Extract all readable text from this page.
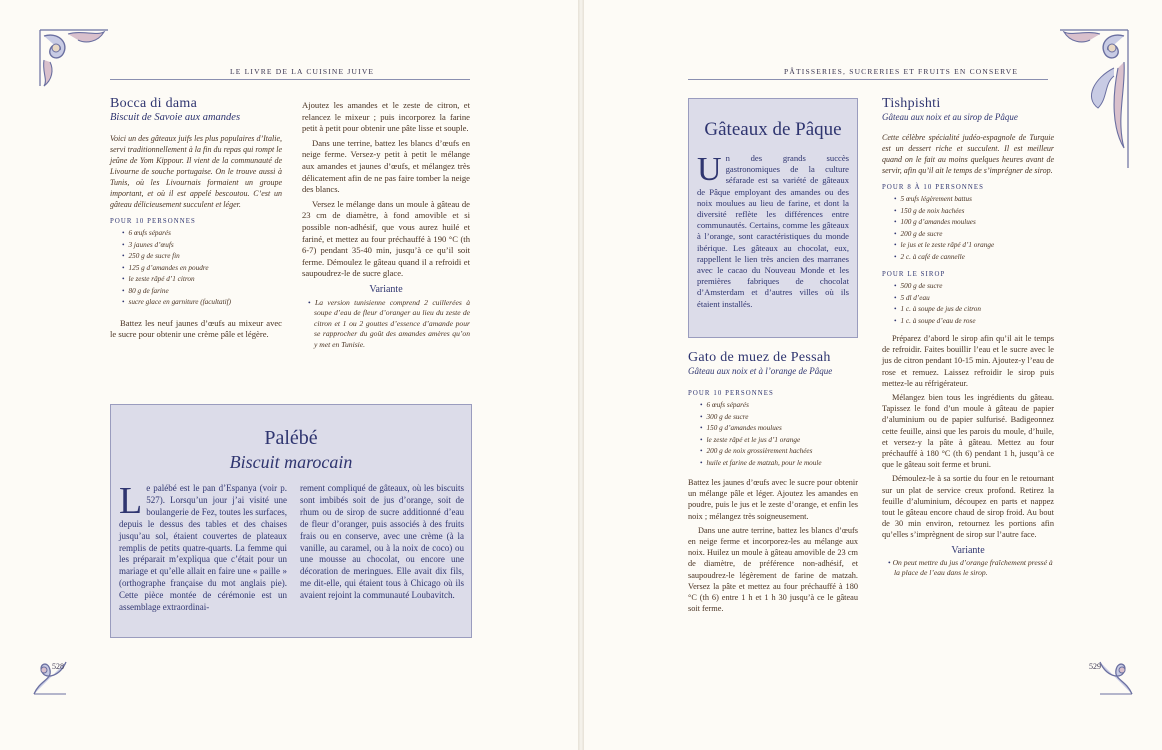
LE LIVRE DE LA CUISINE JUIVE
Bocca di dama
Biscuit de Savoie aux amandes
Voici un des gâteaux juifs les plus populaires d’Italie, servi traditionnellement à la fin du repas qui rompt le jeûne de Yom Kippour. Il vient de la communauté de Livourne de souche portugaise. On le trouve aussi à Tunis, où les Livournais formaient un groupe important, et où il est appelé bescoutou. C’est un gâteau délicieusement succulent et léger.
POUR 10 PERSONNES
• 6 œufs séparés
• 3 jaunes d’œufs
• 250 g de sucre fin
• 125 g d’amandes en poudre
• le zeste râpé d’1 citron
• 80 g de farine
• sucre glace en garniture (facultatif)

Battez les neuf jaunes d’œufs au mixeur avec le sucre pour obtenir une crème pâle et légère.

Ajoutez les amandes et le zeste de citron, et relancez le mixeur ; puis incorporez la farine petit à petit pour obtenir une pâte lisse et souple.

Dans une terrine, battez les blancs d’œufs en neige ferme. Versez-y petit à petit le mélange aux amandes et jaunes d’œufs, et mélangez très délicatement afin de ne pas faire tomber la neige des blancs.

Versez le mélange dans un moule à gâteau de 23 cm de diamètre, à fond amovible et si possible non-adhésif, que vous aurez huilé et fariné, et mettez au four préchauffé à 190 °C (th 6-7) pendant 35-40 min, jusqu’à ce qu’il soit ferme. Démoulez le gâteau quand il a refroidi et saupoudrez-le de sucre glace.

Variante
• La version tunisienne comprend 2 cuillerées à soupe d’eau de fleur d’oranger au lieu du zeste de citron et 1 ou 2 gouttes d’essence d’amande pour se rapprocher du goût des amandes amères qu’on y met en Tunisie.
Palébé
Biscuit marocain
Le palébé est le pan d’Espanya (voir p. 527). Lorsqu’un jour j’ai visité une boulangerie de Fez, toutes les surfaces, depuis le dessus des tables et des chaises jusqu’au sol, étaient couvertes de plateaux remplis de petits quatre-quarts. La femme qui les préparait m’expliqua que c’était pour un mariage et qu’elle allait en faire une « paille » (orthographe française du mot anglais pie). Cette pièce montée de cérémonie est un assemblage extraordinai-
rement compliqué de gâteaux, où les biscuits sont imbibés soit de jus d’orange, soit de rhum ou de sirop de sucre additionné d’eau de fleur d’oranger, puis associés à des fruits frais ou en conserve, avec une crème (à la vanille, au caramel, ou à la noix de coco) ou une mousse au chocolat, ou encore une décoration de meringues. Elle avait dix fils, me dit-elle, qui étaient tous à Chicago où ils avaient rejoint la communauté Loubavitch.
528
PÂTISSERIES, SUCRERIES ET FRUITS EN CONSERVE
Gâteaux de Pâque
Un des grands succès gastronomiques de la culture séfarade est sa variété de gâteaux de Pâque employant des amandes ou des noix moulues au lieu de farine, et dont la diversité reflète les différences entre communautés. Certains, comme les gâteaux à l’orange, sont caractéristiques du monde ibérique. Les gâteaux au chocolat, eux, rappellent le lien très ancien des marranes avec le cacao du Nouveau Monde et les premières fabriques de chocolat d’Amsterdam et d’autres villes où ils étaient installés.
Gato de muez de Pessah
Gâteau aux noix et à l’orange de Pâque
POUR 10 PERSONNES
• 6 œufs séparés
• 300 g de sucre
• 150 g d’amandes moulues
• le zeste râpé et le jus d’1 orange
• 200 g de noix grossièrement hachées
• huile et farine de matzah, pour le moule

Battez les jaunes d’œufs avec le sucre pour obtenir un mélange pâle et léger. Ajoutez les amandes en poudre, puis le jus et le zeste d’orange, et enfin les noix ; mélangez très soigneusement.

Dans une autre terrine, battez les blancs d’œufs en neige ferme et incorporez-les au mélange aux noix. Huilez un moule à gâteau amovible de 23 cm de diamètre, de préférence non-adhésif, et saupoudrez-le légèrement de farine de matzah. Versez la pâte et mettez au four préchauffé à 180 °C (th 6) entre 1 h et 1 h 30 jusqu’à ce le gâteau soit ferme.

Tishpishti
Gâteau aux noix et au sirop de Pâque
Cette célèbre spécialité judéo-espagnole de Turquie est un dessert riche et succulent. Il est meilleur quand on le fait au moins quelques heures avant de servir, afin qu’il ait le temps de s’imprégner de sirop.
POUR 8 À 10 PERSONNES
• 5 œufs légèrement battus
• 150 g de noix hachées
• 100 g d’amandes moulues
• 200 g de sucre
• le jus et le zeste râpé d’1 orange
• 2 c. à café de cannelle
POUR LE SIROP
• 500 g de sucre
• 5 dl d’eau
• 1 c. à soupe de jus de citron
• 1 c. à soupe d’eau de rose

Préparez d’abord le sirop afin qu’il ait le temps de refroidir. Faites bouillir l’eau et le sucre avec le jus de citron pendant 10-15 min. Ajoutez-y l’eau de rose et remuez. Laissez refroidir le sirop puis mettez-le au réfrigérateur.

Mélangez bien tous les ingrédients du gâteau. Tapissez le fond d’un moule à gâteau de papier d’aluminium ou de papier sulfurisé. Badigeonnez cette feuille, ainsi que les parois du moule, d’huile, et versez-y la pâte à gâteau. Mettez au four préchauffé à 180 °C (th 6) pendant 1 h, jusqu’à ce que le gâteau soit ferme et bruni.

Démoulez-le à sa sortie du four en le retournant sur un plat de service creux profond. Retirez la feuille d’aluminium, découpez en parts et nappez tout le gâteau encore chaud de sirop froid. Au bout de 30 min environ, retournez les portions afin qu’elles s’imprègnent de sirop sur l’autre face.

Variante
• On peut mettre du jus d’orange fraîchement pressé à la place de l’eau dans le sirop.
529
